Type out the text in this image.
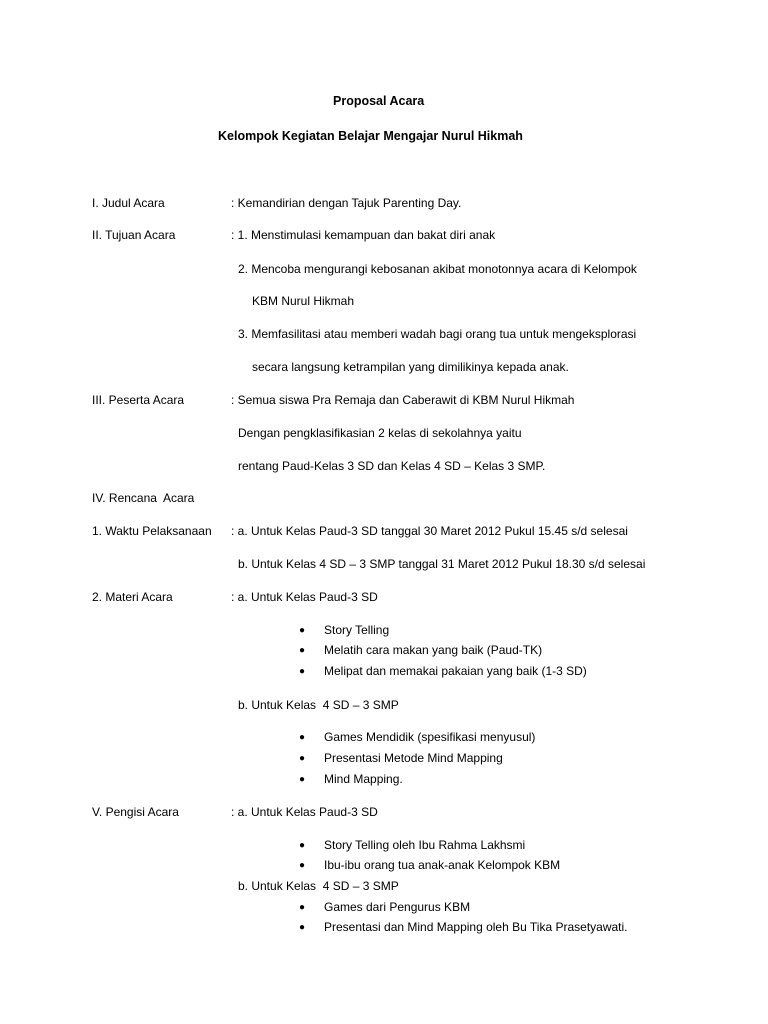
Proposal Acara
Kelompok Kegiatan Belajar Mengajar Nurul Hikmah
I. Judul Acara	: Kemandirian dengan Tajuk Parenting Day.
II. Tujuan Acara	: 1. Menstimulasi kemampuan dan bakat diri anak
2. Mencoba mengurangi kebosanan akibat monotonnya acara di Kelompok
KBM Nurul Hikmah
3. Memfasilitasi atau memberi wadah bagi orang tua untuk mengeksplorasi
secara langsung ketrampilan yang dimilikinya kepada anak.
III. Peserta Acara	: Semua siswa Pra Remaja dan Caberawit di KBM Nurul Hikmah
Dengan pengklasifikasian 2 kelas di sekolahnya yaitu
rentang Paud-Kelas 3 SD dan Kelas 4 SD – Kelas 3 SMP.
IV. Rencana  Acara
1. Waktu Pelaksanaan : a. Untuk Kelas Paud-3 SD tanggal 30 Maret 2012 Pukul 15.45 s/d selesai
b. Untuk Kelas 4 SD – 3 SMP tanggal 31 Maret 2012 Pukul 18.30 s/d selesai
2. Materi Acara	: a. Untuk Kelas Paud-3 SD
● Story Telling
● Melatih cara makan yang baik (Paud-TK)
● Melipat dan memakai pakaian yang baik (1-3 SD)
b. Untuk Kelas  4 SD – 3 SMP
● Games Mendidik (spesifikasi menyusul)
● Presentasi Metode Mind Mapping
● Mind Mapping.
V. Pengisi Acara	: a. Untuk Kelas Paud-3 SD
● Story Telling oleh Ibu Rahma Lakhsmi
● Ibu-ibu orang tua anak-anak Kelompok KBM
b. Untuk Kelas  4 SD – 3 SMP
● Games dari Pengurus KBM
● Presentasi dan Mind Mapping oleh Bu Tika Prasetyawati.
